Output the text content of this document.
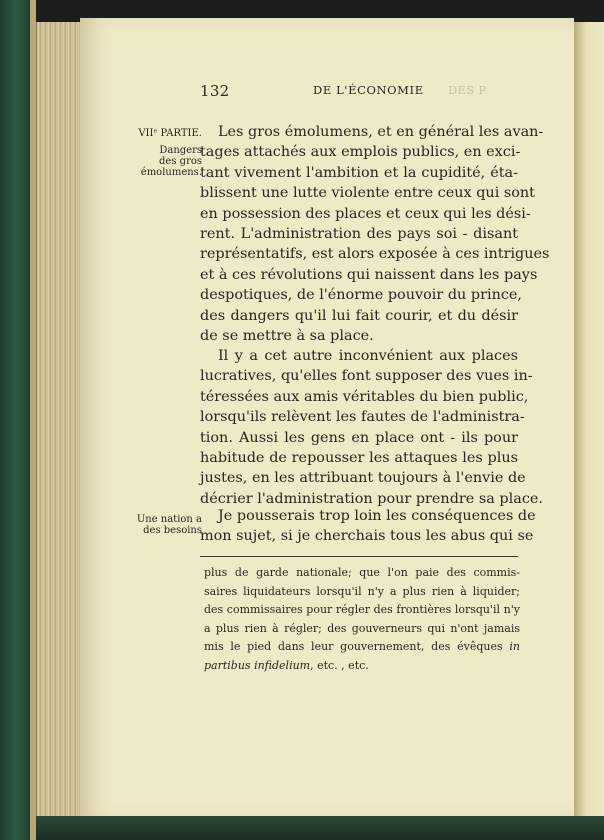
132	DE L'ÉCONOMIE DES P
VIIᵉ PARTIE.
Dangers
des gros
émolumens.
Une nation a
des besoins
Les gros émolumens, et en général les avan-
tages attachés aux emplois publics, en exci-
tant vivement l'ambition et la cupidité, éta-
blissent une lutte violente entre ceux qui sont
en possession des places et ceux qui les dési-
rent. L'administration des pays soi - disant
représentatifs, est alors exposée à ces intrigues
et à ces révolutions qui naissent dans les pays
despotiques, de l'énorme pouvoir du prince,
des dangers qu'il lui fait courir, et du désir
de se mettre à sa place.
Il y a cet autre inconvénient aux places
lucratives, qu'elles font supposer des vues in-
téressées aux amis véritables du bien public,
lorsqu'ils relèvent les fautes de l'administra-
tion. Aussi les gens en place ont - ils pour
habitude de repousser les attaques les plus
justes, en les attribuant toujours à l'envie de
décrier l'administration pour prendre sa place.
Je pousserais trop loin les conséquences de
mon sujet, si je cherchais tous les abus qui se
plus de garde nationale; que l'on paie des commis-
saires liquidateurs lorsqu'il n'y a plus rien à liquider;
des commissaires pour régler des frontières lorsqu'il n'y
a plus rien à régler; des gouverneurs qui n'ont jamais
mis le pied dans leur gouvernement, des évêques in
partibus infidelium, etc. , etc.
